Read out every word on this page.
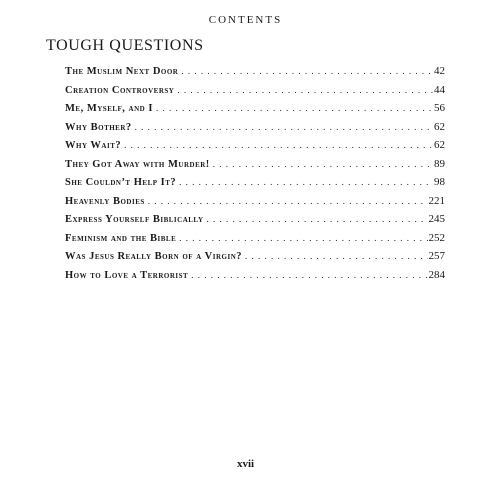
CONTENTS
TOUGH QUESTIONS
The Muslim Next Door . . .	42
Creation Controversy . . .	44
Me, Myself, and I . . .	56
Why Bother? . . .	62
Why Wait? . . .	62
They Got Away with Murder! . . .	89
She Couldn’t Help It? . . .	98
Heavenly Bodies . . .	221
Express Yourself Biblically . . .	245
Feminism and the Bible . . .	252
Was Jesus Really Born of a Virgin? . . .	257
How to Love a Terrorist . . .	284
xvii
